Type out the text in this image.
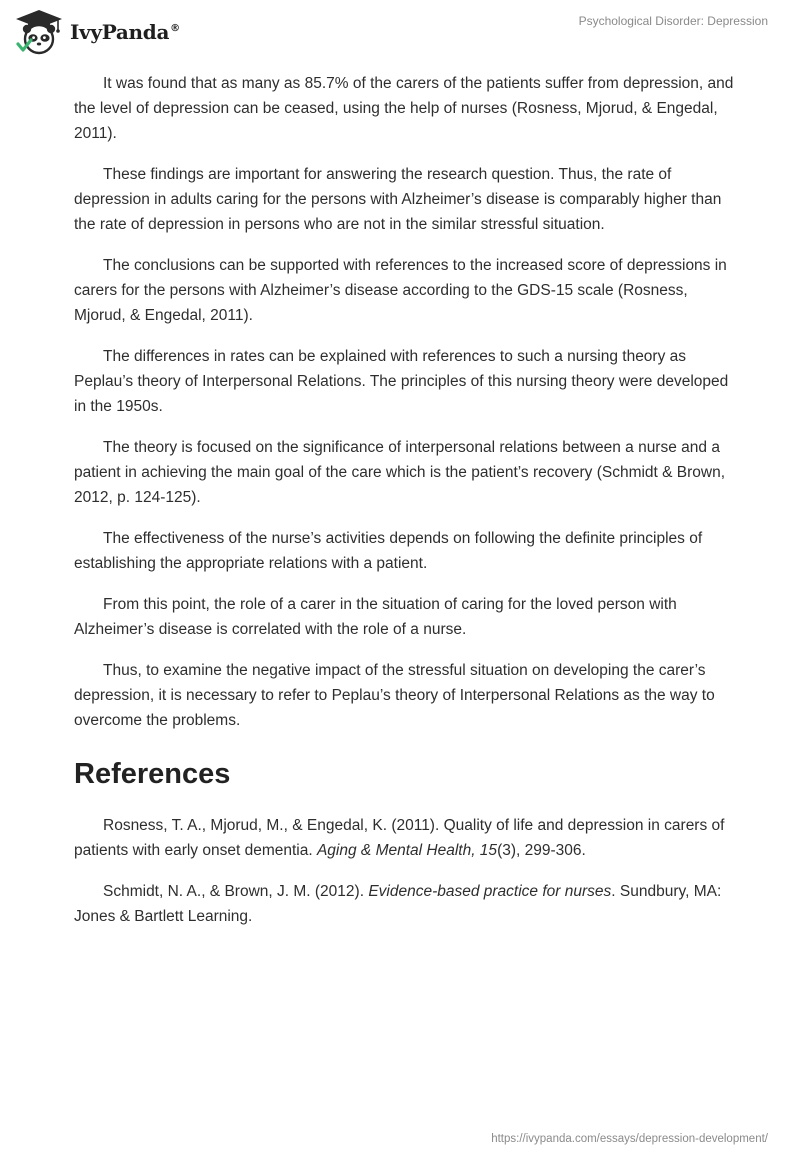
IvyPanda®
Psychological Disorder: Depression

It was found that as many as 85.7% of the carers of the patients suffer from depression, and the level of depression can be ceased, using the help of nurses (Rosness, Mjorud, & Engedal, 2011).

These findings are important for answering the research question. Thus, the rate of depression in adults caring for the persons with Alzheimer’s disease is comparably higher than the rate of depression in persons who are not in the similar stressful situation.

The conclusions can be supported with references to the increased score of depressions in carers for the persons with Alzheimer’s disease according to the GDS-15 scale (Rosness, Mjorud, & Engedal, 2011).

The differences in rates can be explained with references to such a nursing theory as Peplau’s theory of Interpersonal Relations. The principles of this nursing theory were developed in the 1950s.

The theory is focused on the significance of interpersonal relations between a nurse and a patient in achieving the main goal of the care which is the patient’s recovery (Schmidt & Brown, 2012, p. 124-125).

The effectiveness of the nurse’s activities depends on following the definite principles of establishing the appropriate relations with a patient.

From this point, the role of a carer in the situation of caring for the loved person with Alzheimer’s disease is correlated with the role of a nurse.

Thus, to examine the negative impact of the stressful situation on developing the carer’s depression, it is necessary to refer to Peplau’s theory of Interpersonal Relations as the way to overcome the problems.

References

Rosness, T. A., Mjorud, M., & Engedal, K. (2011). Quality of life and depression in carers of patients with early onset dementia. Aging & Mental Health, 15(3), 299-306.

Schmidt, N. A., & Brown, J. M. (2012). Evidence-based practice for nurses. Sundbury, MA: Jones & Bartlett Learning.

https://ivypanda.com/essays/depression-development/
